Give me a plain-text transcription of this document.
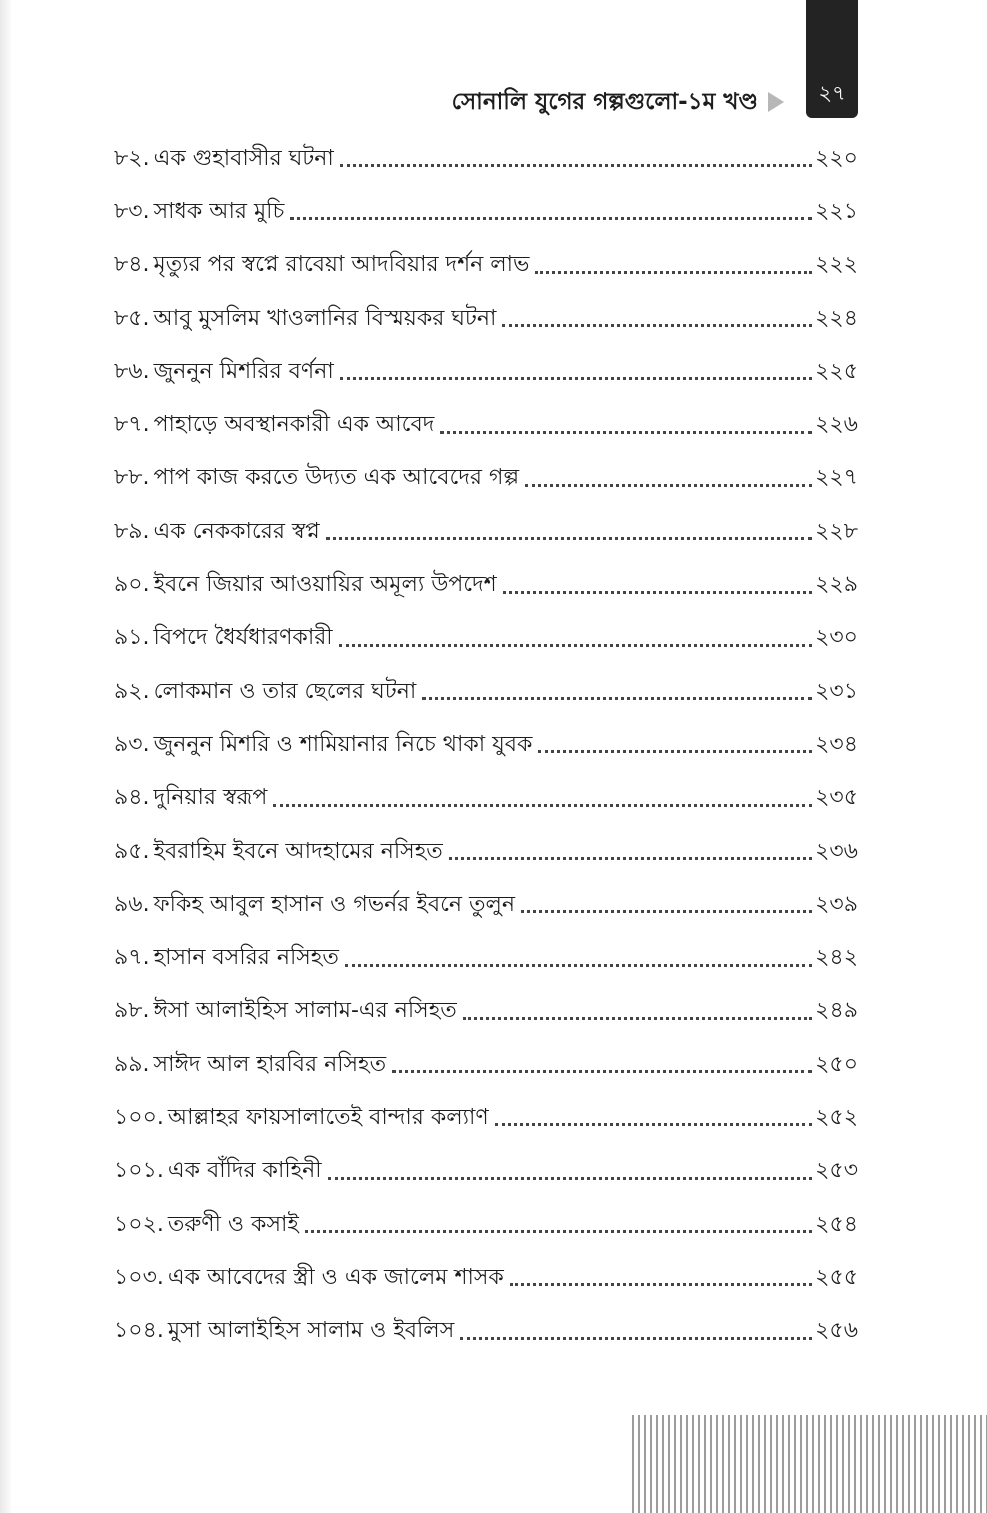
২৭
সোনালি যুগের গল্পগুলো-১ম খণ্ড
৮২. এক গুহাবাসীর ঘটনা	২২০
৮৩. সাধক আর মুচি	২২১
৮৪. মৃত্যুর পর স্বপ্নে রাবেয়া আদবিয়ার দর্শন লাভ	২২২
৮৫. আবু মুসলিম খাওলানির বিস্ময়কর ঘটনা	২২৪
৮৬. জুননুন মিশরির বর্ণনা	২২৫
৮৭. পাহাড়ে অবস্থানকারী এক আবেদ	২২৬
৮৮. পাপ কাজ করতে উদ্যত এক আবেদের গল্প	২২৭
৮৯. এক নেককারের স্বপ্ন	২২৮
৯০. ইবনে জিয়ার আওয়ায়ির অমূল্য উপদেশ	২২৯
৯১. বিপদে ধৈর্যধারণকারী	২৩০
৯২. লোকমান ও তার ছেলের ঘটনা	২৩১
৯৩. জুননুন মিশরি ও শামিয়ানার নিচে থাকা যুবক	২৩৪
৯৪. দুনিয়ার স্বরূপ	২৩৫
৯৫. ইবরাহিম ইবনে আদহামের নসিহত	২৩৬
৯৬. ফকিহ আবুল হাসান ও গভর্নর ইবনে তুলুন	২৩৯
৯৭. হাসান বসরির নসিহত	২৪২
৯৮. ঈসা আলাইহিস সালাম-এর নসিহত	২৪৯
৯৯. সাঈদ আল হারবির নসিহত	২৫০
১০০. আল্লাহর ফায়সালাতেই বান্দার কল্যাণ	২৫২
১০১. এক বাঁদির কাহিনী	২৫৩
১০২. তরুণী ও কসাই	২৫৪
১০৩. এক আবেদের স্ত্রী ও এক জালেম শাসক	২৫৫
১০৪. মুসা আলাইহিস সালাম ও ইবলিস	২৫৬
